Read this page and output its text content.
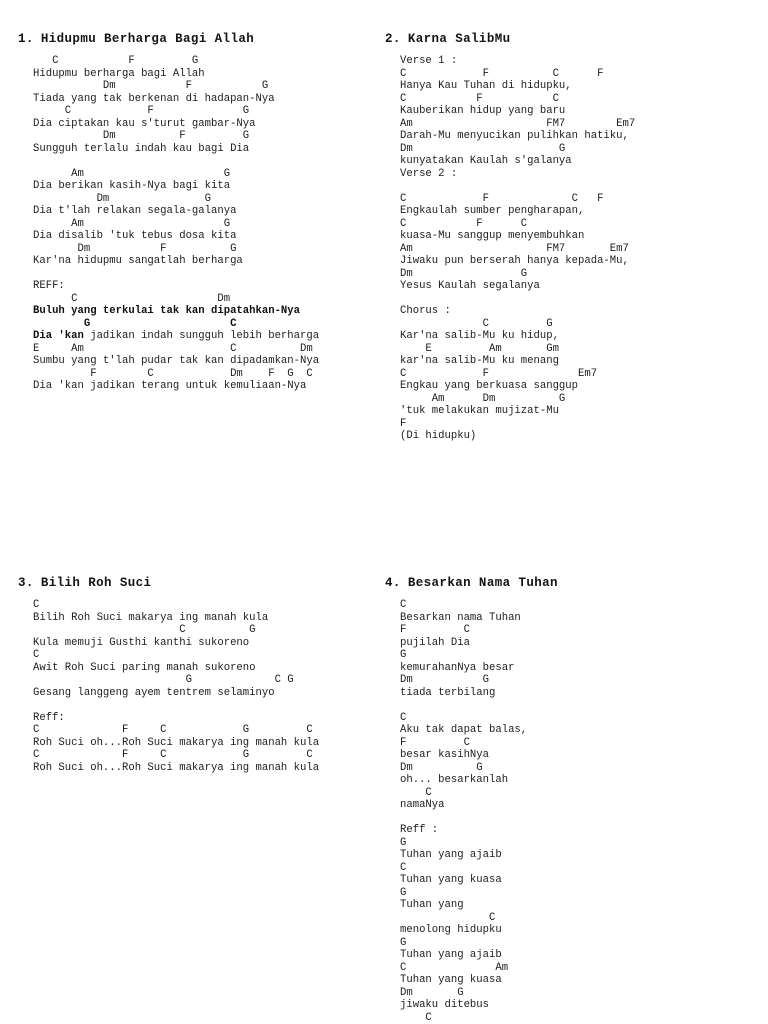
1. Hidupmu Berharga Bagi Allah
C           F         G
Hidupmu berharga bagi Allah
Dm           F           G
Tiada yang tak berkenan di hadapan-Nya
C            F              G
Dia ciptakan kau s'turut gambar-Nya
Dm          F         G
Sungguh terlalu indah kau bagi Dia

Am                      G
Dia berikan kasih-Nya bagi kita
Dm               G
Dia t'lah relakan segala-galanya
Am                      G
Dia disalib 'tuk tebus dosa kita
Dm           F          G
Kar'na hidupmu sangatlah berharga

REFF:
C                      Dm
Buluh yang terkulai tak kan dipatahkan-Nya
G                      C
Dia 'kan jadikan indah sungguh lebih berharga
E     Am                       C          Dm
Sumbu yang t'lah pudar tak kan dipadamkan-Nya
F        C            Dm    F  G  C
Dia 'kan jadikan terang untuk kemuliaan-Nya
2. Karna SalibMu
Verse 1 :
C            F          C      F
Hanya Kau Tuhan di hidupku,
C           F           C
Kauberikan hidup yang baru
Am                     FM7        Em7
Darah-Mu menyucikan pulihkan hatiku,
Dm                       G
kunyatakan Kaulah s'galanya
Verse 2 :

C            F             C   F
Engkaulah sumber pengharapan,
C           F      C
kuasa-Mu sanggup menyembuhkan
Am                     FM7       Em7
Jiwaku pun berserah hanya kepada-Mu,
Dm                 G
Yesus Kaulah segalanya

Chorus :
C         G
Kar'na salib-Mu ku hidup,
E         Am       Gm
kar'na salib-Mu ku menang
C            F              Em7
Engkau yang berkuasa sanggup
Am      Dm          G
'tuk melakukan mujizat-Mu
F
(Di hidupku)
3. Bilih Roh Suci
C
Bilih Roh Suci makarya ing manah kula
C          G
Kula memuji Gusthi kanthi sukoreno
C
Awit Roh Suci paring manah sukoreno
G             C G
Gesang langgeng ayem tentrem selaminyo

Reff:
C             F     C            G         C
Roh Suci oh...Roh Suci makarya ing manah kula
C             F     C            G         C
Roh Suci oh...Roh Suci makarya ing manah kula
4. Besarkan Nama Tuhan
C
Besarkan nama Tuhan
F         C
pujilah Dia
G
kemurahanNya besar
Dm           G
tiada terbilang

C
Aku tak dapat balas,
F         C
besar kasihNya
Dm          G
oh... besarkanlah
C
namaNya

Reff :
G
Tuhan yang ajaib
C
Tuhan yang kuasa
G
Tuhan yang
C
menolong hidupku
G
Tuhan yang ajaib
C              Am
Tuhan yang kuasa
Dm       G
jiwaku ditebus
C
